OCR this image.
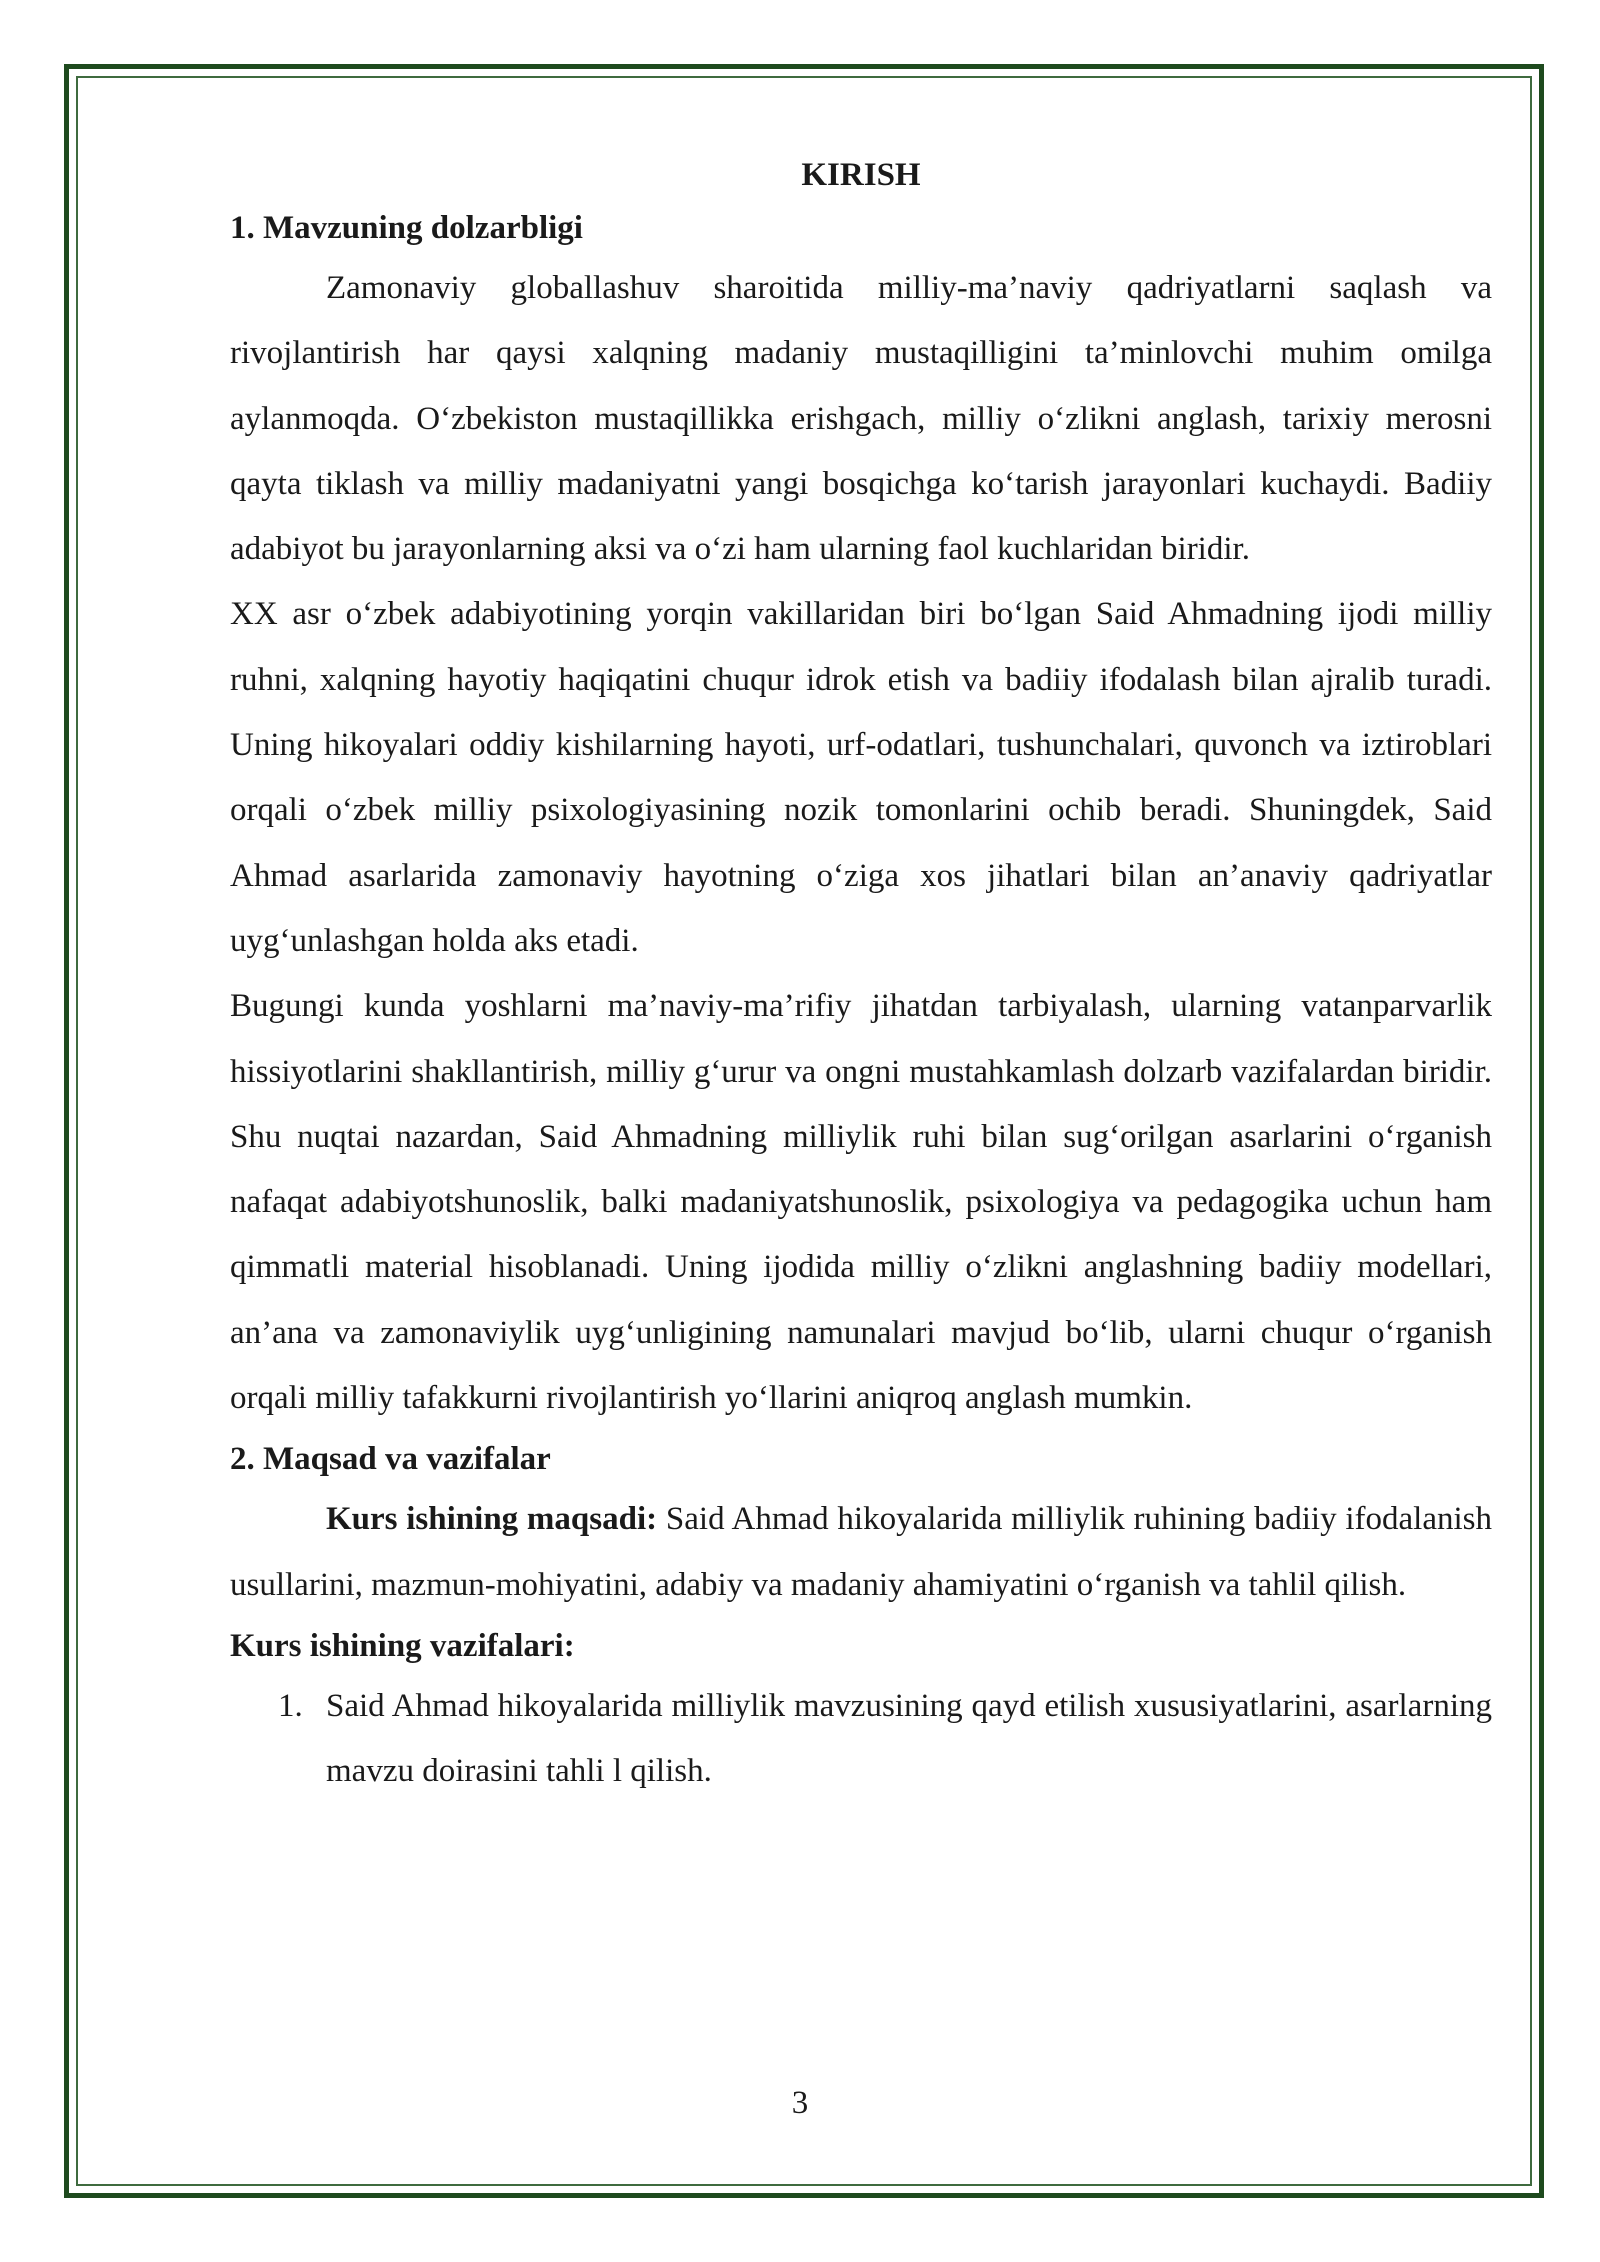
KIRISH

1. Mavzuning dolzarbligi

Zamonaviy globallashuv sharoitida milliy-ma’naviy qadriyatlarni saqlash va rivojlantirish har qaysi xalqning madaniy mustaqilligini ta’minlovchi muhim omilga aylanmoqda. O‘zbekiston mustaqillikka erishgach, milliy o‘zlikni anglash, tarixiy merosni qayta tiklash va milliy madaniyatni yangi bosqichga ko‘tarish jarayonlari kuchaydi. Badiiy adabiyot bu jarayonlarning aksi va o‘zi ham ularning faol kuchlaridan biridir.

XX asr o‘zbek adabiyotining yorqin vakillaridan biri bo‘lgan Said Ahmadning ijodi milliy ruhni, xalqning hayotiy haqiqatini chuqur idrok etish va badiiy ifodalash bilan ajralib turadi. Uning hikoyalari oddiy kishilarning hayoti, urf-odatlari, tushunchalari, quvonch va iztiroblari orqali o‘zbek milliy psixologiyasining nozik tomonlarini ochib beradi. Shuningdek, Said Ahmad asarlarida zamonaviy hayotning o‘ziga xos jihatlari bilan an’anaviy qadriyatlar uyg‘unlashgan holda aks etadi.

Bugungi kunda yoshlarni ma’naviy-ma’rifiy jihatdan tarbiyalash, ularning vatanparvarlik hissiyotlarini shakllantirish, milliy g‘urur va ongni mustahkamlash dolzarb vazifalardan biridir. Shu nuqtai nazardan, Said Ahmadning milliylik ruhi bilan sug‘orilgan asarlarini o‘rganish nafaqat adabiyotshunoslik, balki madaniyatshunoslik, psixologiya va pedagogika uchun ham qimmatli material hisoblanadi. Uning ijodida milliy o‘zlikni anglashning badiiy modellari, an’ana va zamonaviylik uyg‘unligining namunalari mavjud bo‘lib, ularni chuqur o‘rganish orqali milliy tafakkurni rivojlantirish yo‘llarini aniqroq anglash mumkin.

2. Maqsad va vazifalar

Kurs ishining maqsadi: Said Ahmad hikoyalarida milliylik ruhining badiiy ifodalanish usullarini, mazmun-mohiyatini, adabiy va madaniy ahamiyatini o‘rganish va tahlil qilish.

Kurs ishining vazifalari:

1. Said Ahmad hikoyalarida milliylik mavzusining qayd etilish xususiyatlarini, asarlarning mavzu doirasini tahli l qilish.
3
